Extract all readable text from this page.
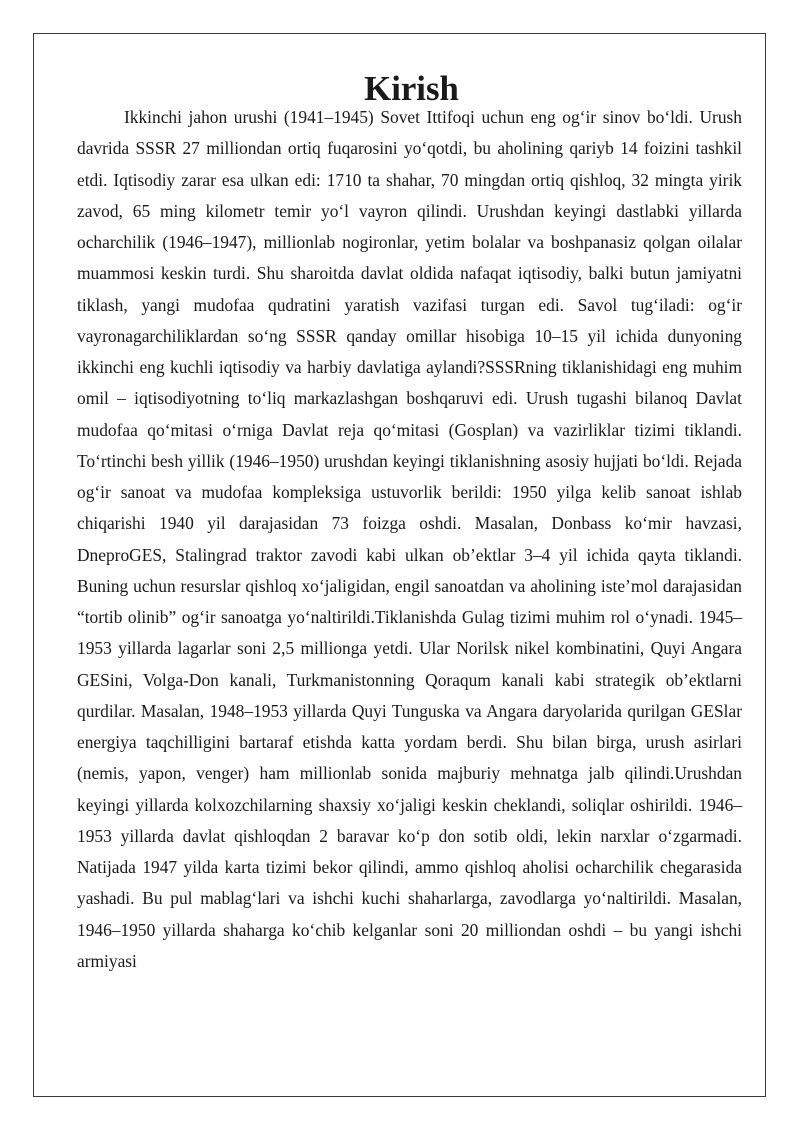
Kirish

Ikkinchi jahon urushi (1941–1945) Sovet Ittifoqi uchun eng og‘ir sinov bo‘ldi. Urush davrida SSSR 27 milliondan ortiq fuqarosini yo‘qotdi, bu aholining qariyb 14 foizini tashkil etdi. Iqtisodiy zarar esa ulkan edi: 1710 ta shahar, 70 mingdan ortiq qishloq, 32 mingta yirik zavod, 65 ming kilometr temir yo‘l vayron qilindi. Urushdan keyingi dastlabki yillarda ocharchilik (1946–1947), millionlab nogironlar, yetim bolalar va boshpanasiz qolgan oilalar muammosi keskin turdi. Shu sharoitda davlat oldida nafaqat iqtisodiy, balki butun jamiyatni tiklash, yangi mudofaa qudratini yaratish vazifasi turgan edi. Savol tug‘iladi: og‘ir vayronagarchiliklardan so‘ng SSSR qanday omillar hisobiga 10–15 yil ichida dunyoning ikkinchi eng kuchli iqtisodiy va harbiy davlatiga aylandi?SSSRning tiklanishidagi eng muhim omil – iqtisodiyotning to‘liq markazlashgan boshqaruvi edi. Urush tugashi bilanoq Davlat mudofaa qo‘mitasi o‘rniga Davlat reja qo‘mitasi (Gosplan) va vazirliklar tizimi tiklandi. To‘rtinchi besh yillik (1946–1950) urushdan keyingi tiklanishning asosiy hujjati bo‘ldi. Rejada og‘ir sanoat va mudofaa kompleksiga ustuvorlik berildi: 1950 yilga kelib sanoat ishlab chiqarishi 1940 yil darajasidan 73 foizga oshdi. Masalan, Donbass ko‘mir havzasi, DneproGES, Stalingrad traktor zavodi kabi ulkan ob’ektlar 3–4 yil ichida qayta tiklandi. Buning uchun resurslar qishloq xo‘jaligidan, engil sanoatdan va aholining iste’mol darajasidan “tortib olinib” og‘ir sanoatga yo‘naltirildi.Tiklanishda Gulag tizimi muhim rol o‘ynadi. 1945–1953 yillarda lagarlar soni 2,5 millionga yetdi. Ular Norilsk nikel kombinatini, Quyi Angara GESini, Volga-Don kanali, Turkmanistonning Qoraqum kanali kabi strategik ob’ektlarni qurdilar. Masalan, 1948–1953 yillarda Quyi Tunguska va Angara daryolarida qurilgan GESlar energiya taqchilligini bartaraf etishda katta yordam berdi. Shu bilan birga, urush asirlari (nemis, yapon, venger) ham millionlab sonida majburiy mehnatga jalb qilindi.Urushdan keyingi yillarda kolxozchilarning shaxsiy xo‘jaligi keskin cheklandi, soliqlar oshirildi. 1946–1953 yillarda davlat qishloqdan 2 baravar ko‘p don sotib oldi, lekin narxlar o‘zgarmadi. Natijada 1947 yilda karta tizimi bekor qilindi, ammo qishloq aholisi ocharchilik chegarasida yashadi. Bu pul mablag‘lari va ishchi kuchi shaharlarga, zavodlarga yo‘naltirildi. Masalan, 1946–1950 yillarda shaharga ko‘chib kelganlar soni 20 milliondan oshdi – bu yangi ishchi armiyasi
